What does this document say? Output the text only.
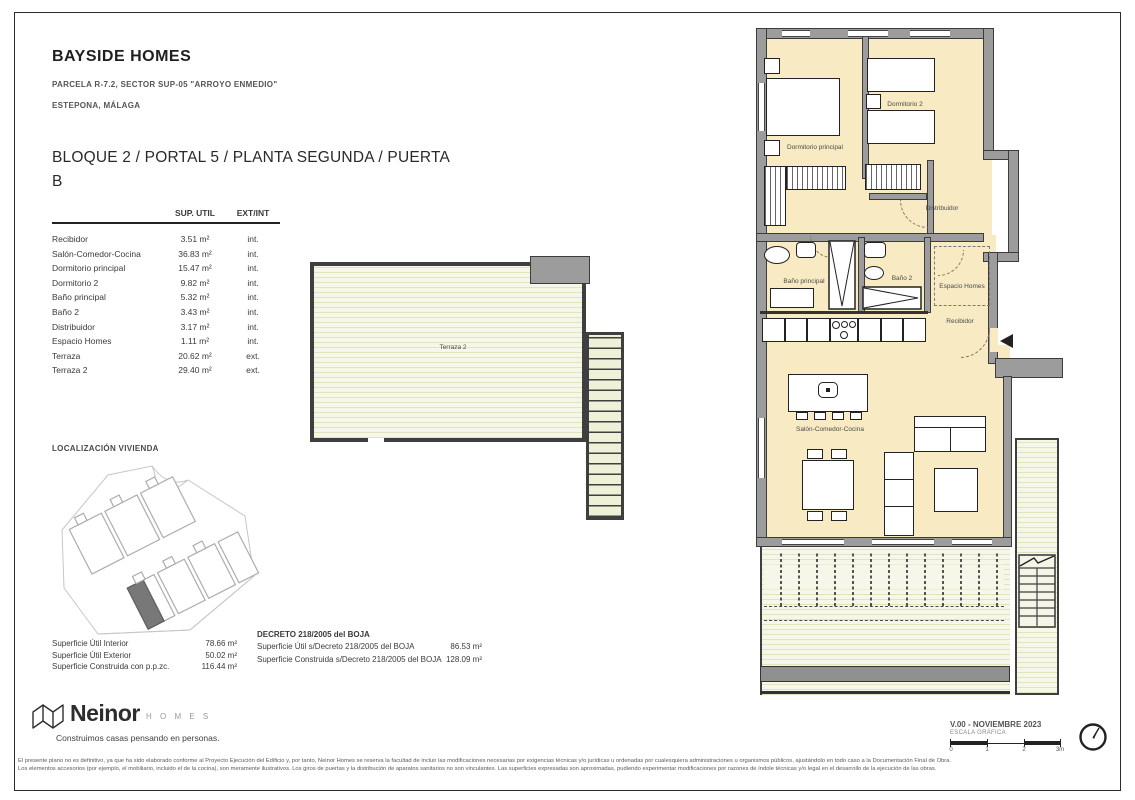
BAYSIDE HOMES
PARCELA R-7.2, SECTOR SUP-05 "ARROYO ENMEDIO"
ESTEPONA, MÁLAGA
BLOQUE 2 / PORTAL 5 / PLANTA SEGUNDA / PUERTA B
SUP. UTIL	EXT/INT
Recibidor	3.51 m²	int.
Salón-Comedor-Cocina	36.83 m²	int.
Dormitorio principal	15.47 m²	int.
Dormitorio 2	9.82 m²	int.
Baño principal	5.32 m²	int.
Baño 2	3.43 m²	int.
Distribuidor	3.17 m²	int.
Espacio Homes	1.11 m²	int.
Terraza	20.62 m²	ext.
Terraza 2	29.40 m²	ext.
LOCALIZACIÓN VIVIENDA
Superficie Útil Interior	78.66 m²
Superficie Útil Exterior	50.02 m²
Superficie Construida con p.p.zc.	116.44 m²
DECRETO 218/2005 del BOJA
Superficie Útil s/Decreto 218/2005 del BOJA	86.53 m²
Superficie Construida s/Decreto 218/2005 del BOJA 128.09 m²
Neinor H O M E S
Construimos casas pensando en personas.
V.00 - NOVIEMBRE 2023
ESCALA GRÁFICA
0	1	2	3m
El presente plano no es definitivo, ya que ha sido elaborado conforme al Proyecto Ejecución del Edificio y, por tanto, Neinor Homes se reserva la facultad de incluir las modificaciones necesarias por exigencias técnicas y/o jurídicas u ordenadas por cualesquiera administraciones u organismos públicos, ajustándolo en todo caso a la Documentación Final de Obra.
Los elementos accesorios (por ejemplo, el mobiliario, incluido el de la cocina), son meramente ilustrativos. Los giros de puertas y la distribución de aparatos sanitarios no son vinculantes. Las superficies expresadas son aproximadas, pudiendo experimentar modificaciones por razones de índole técnicas y/o legal en el desarrollo de la ejecución de las obras.
Terraza 2
Dormitorio principal
Dormitorio 2
Distribuidor
Baño principal	Baño 2
Espacio Homes
Recibidor
Salón-Comedor-Cocina
